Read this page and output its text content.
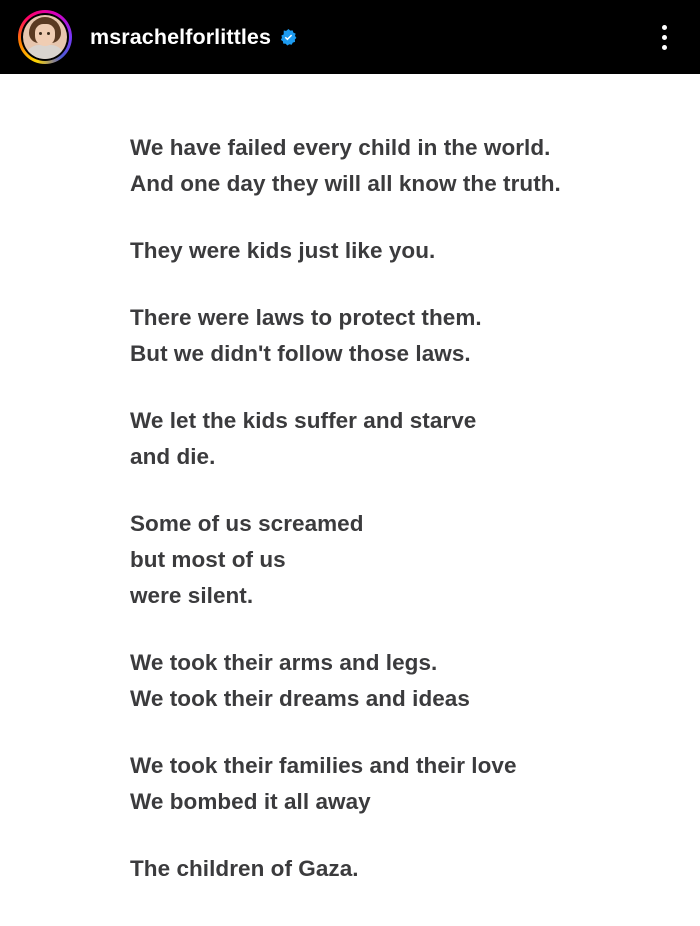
msrachelforlittles
We have failed every child in the world.
And one day they will all know the truth.
They were kids just like you.
There were laws to protect them.
But we didn't follow those laws.
We let the kids suffer and starve
and die.
Some of us screamed
but most of us
were silent.
We took their arms and legs.
We took their dreams and ideas
We took their families and their love
We bombed it all away
The children of Gaza.
